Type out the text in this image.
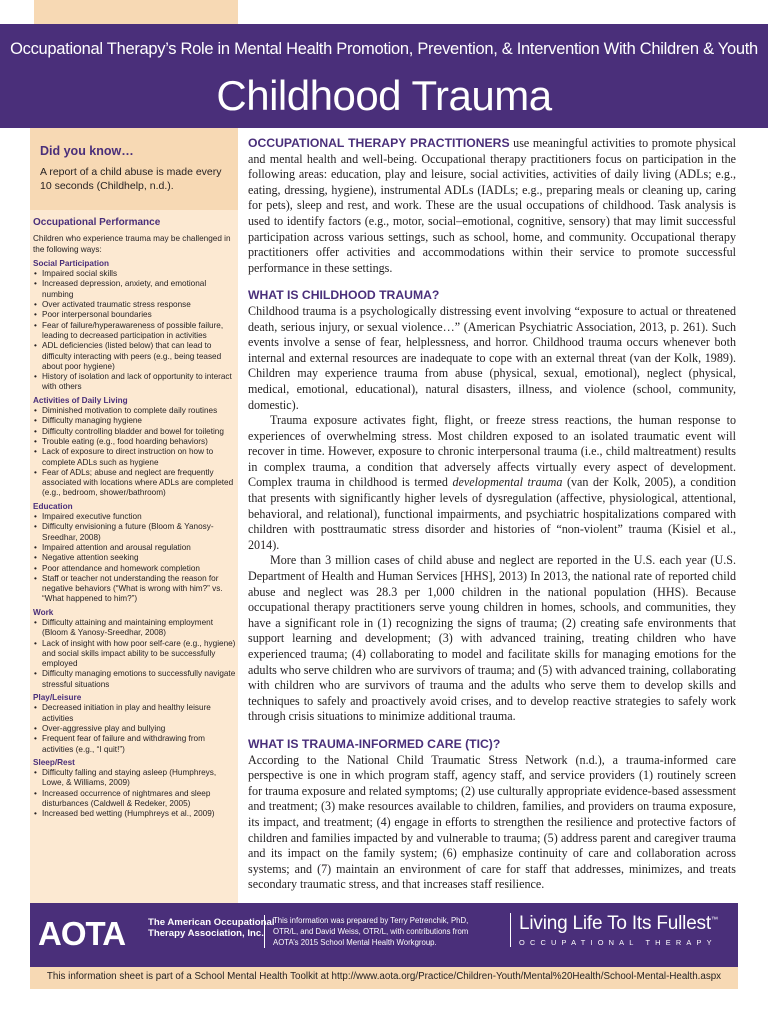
Occupational Therapy’s Role in Mental Health Promotion, Prevention, & Intervention With Children & Youth
Childhood Trauma
Did you know…
A report of a child abuse is made every 10 seconds (Childhelp, n.d.).
Occupational Performance
Children who experience trauma may be challenged in the following ways:
Social Participation
• Impaired social skills
• Increased depression, anxiety, and emotional numbing
• Over activated traumatic stress response
• Poor interpersonal boundaries
• Fear of failure/hyperawareness of possible failure, leading to decreased participation in activities
• ADL deficiencies (listed below) that can lead to difficulty interacting with peers (e.g., being teased about poor hygiene)
• History of isolation and lack of opportunity to interact with others
Activities of Daily Living
• Diminished motivation to complete daily routines
• Difficulty managing hygiene
• Difficulty controlling bladder and bowel for toileting
• Trouble eating (e.g., food hoarding behaviors)
• Lack of exposure to direct instruction on how to complete ADLs such as hygiene
• Fear of ADLs; abuse and neglect are frequently associated with locations where ADLs are completed (e.g., bedroom, shower/bathroom)
Education
• Impaired executive function
• Difficulty envisioning a future (Bloom & Yanosy-Sreedhar, 2008)
• Impaired attention and arousal regulation
• Negative attention seeking
• Poor attendance and homework completion
• Staff or teacher not understanding the reason for negative behaviors (“What is wrong with him?” vs. “What happened to him?”)
Work
• Difficulty attaining and maintaining employment (Bloom & Yanosy-Sreedhar, 2008)
• Lack of insight with how poor self-care (e.g., hygiene) and social skills impact ability to be successfully employed
• Difficulty managing emotions to successfully navigate stressful situations
Play/Leisure
• Decreased initiation in play and healthy leisure activities
• Over-aggressive play and bullying
• Frequent fear of failure and withdrawing from activities (e.g., “I quit!”)
Sleep/Rest
• Difficulty falling and staying asleep (Humphreys, Lowe, & Williams, 2009)
• Increased occurrence of nightmares and sleep disturbances (Caldwell & Redeker, 2005)
• Increased bed wetting (Humphreys et al., 2009)

OCCUPATIONAL THERAPY PRACTITIONERS use meaningful activities to promote physical and mental health and well-being. Occupational therapy practitioners focus on participation in the following areas: education, play and leisure, social activities, activities of daily living (ADLs; e.g., eating, dressing, hygiene), instrumental ADLs (IADLs; e.g., preparing meals or cleaning up, caring for pets), sleep and rest, and work. These are the usual occupations of childhood. Task analysis is used to identify factors (e.g., motor, social–emotional, cognitive, sensory) that may limit successful participation across various settings, such as school, home, and community. Occupational therapy practitioners offer activities and accommodations within their service to promote successful performance in these settings.

WHAT IS CHILDHOOD TRAUMA?

Childhood trauma is a psychologically distressing event involving “exposure to actual or threatened death, serious injury, or sexual violence…” (American Psychiatric Association, 2013, p. 261). Such events involve a sense of fear, helplessness, and horror. Childhood trauma occurs whenever both internal and external resources are inadequate to cope with an external threat (van der Kolk, 1989). Children may experience trauma from abuse (physical, sexual, emotional), neglect (physical, medical, emotional, educational), natural disasters, illness, and violence (school, community, domestic).

Trauma exposure activates fight, flight, or freeze stress reactions, the human response to experiences of overwhelming stress. Most children exposed to an isolated traumatic event will recover in time. However, exposure to chronic interpersonal trauma (i.e., child maltreatment) results in complex trauma, a condition that adversely affects virtually every aspect of development. Complex trauma in childhood is termed developmental trauma (van der Kolk, 2005), a condition that presents with significantly higher levels of dysregulation (affective, physiological, attentional, behavioral, and relational), functional impairments, and psychiatric hospitalizations compared with children with posttraumatic stress disorder and histories of “non-violent” trauma (Kisiel et al., 2014).

More than 3 million cases of child abuse and neglect are reported in the U.S. each year (U.S. Department of Health and Human Services [HHS], 2013) In 2013, the national rate of reported child abuse and neglect was 28.3 per 1,000 children in the national population (HHS). Because occupational therapy practitioners serve young children in homes, schools, and communities, they have a significant role in (1) recognizing the signs of trauma; (2) creating safe environments that support learning and development; (3) with advanced training, treating children who have experienced trauma; (4) collaborating to model and facilitate skills for managing emotions for the adults who serve children who are survivors of trauma; and (5) with advanced training, collaborating with children who are survivors of trauma and the adults who serve them to develop skills and techniques to safely and proactively avoid crises, and to develop reactive strategies to safely work through crisis situations to minimize additional trauma.

WHAT IS TRAUMA-INFORMED CARE (TIC)?

According to the National Child Traumatic Stress Network (n.d.), a trauma-informed care perspective is one in which program staff, agency staff, and service providers (1) routinely screen for trauma exposure and related symptoms; (2) use culturally appropriate evidence-based assessment and treatment; (3) make resources available to children, families, and providers on trauma exposure, its impact, and treatment; (4) engage in efforts to strengthen the resilience and protective factors of children and families impacted by and vulnerable to trauma; (5) address parent and caregiver trauma and its impact on the family system; (6) emphasize continuity of care and collaboration across systems; and (7) maintain an environment of care for staff that addresses, minimizes, and treats secondary traumatic stress, and that increases staff resilience.

AOTA The American Occupational Therapy Association, Inc.
This information was prepared by Terry Petrenchik, PhD, OTR/L, and David Weiss, OTR/L, with contributions from AOTA’s 2015 School Mental Health Workgroup.
Living Life To Its Fullest™
OCCUPATIONAL THERAPY
This information sheet is part of a School Mental Health Toolkit at http://www.aota.org/Practice/Children-Youth/Mental%20Health/School-Mental-Health.aspx
